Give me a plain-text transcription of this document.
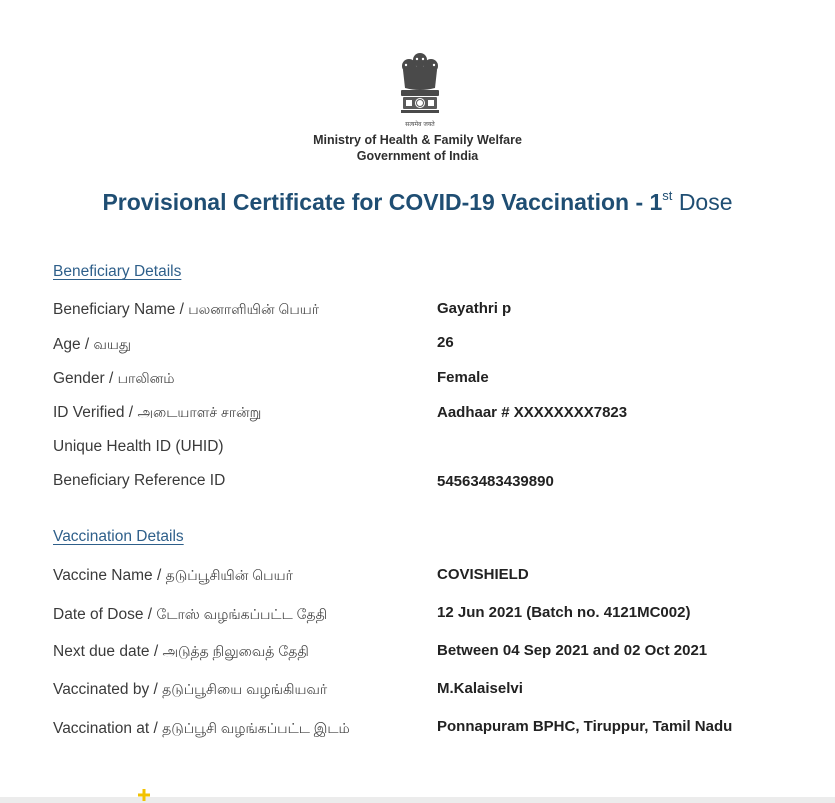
सत्यमेव जयते
Ministry of Health & Family Welfare
Government of India
Provisional Certificate for COVID-19 Vaccination - 1st Dose
Beneficiary Details
Beneficiary Name / பலனாளியின் பெயர்	Gayathri p
Age / வயது	26
Gender / பாலினம்	Female
ID Verified / அடையாளச் சான்று	Aadhaar # XXXXXXXX7823
Unique Health ID (UHID)
Beneficiary Reference ID	54563483439890
Vaccination Details
Vaccine Name / தடுப்பூசியின் பெயர்	COVISHIELD
Date of Dose / டோஸ் வழங்கப்பட்ட தேதி	12 Jun 2021 (Batch no. 4121MC002)
Next due date / அடுத்த நிலுவைத் தேதி	Between 04 Sep 2021 and 02 Oct 2021
Vaccinated by / தடுப்பூசியை வழங்கியவர்	M.Kalaiselvi
Vaccination at / தடுப்பூசி வழங்கப்பட்ட இடம்	Ponnapuram BPHC, Tiruppur, Tamil Nadu
